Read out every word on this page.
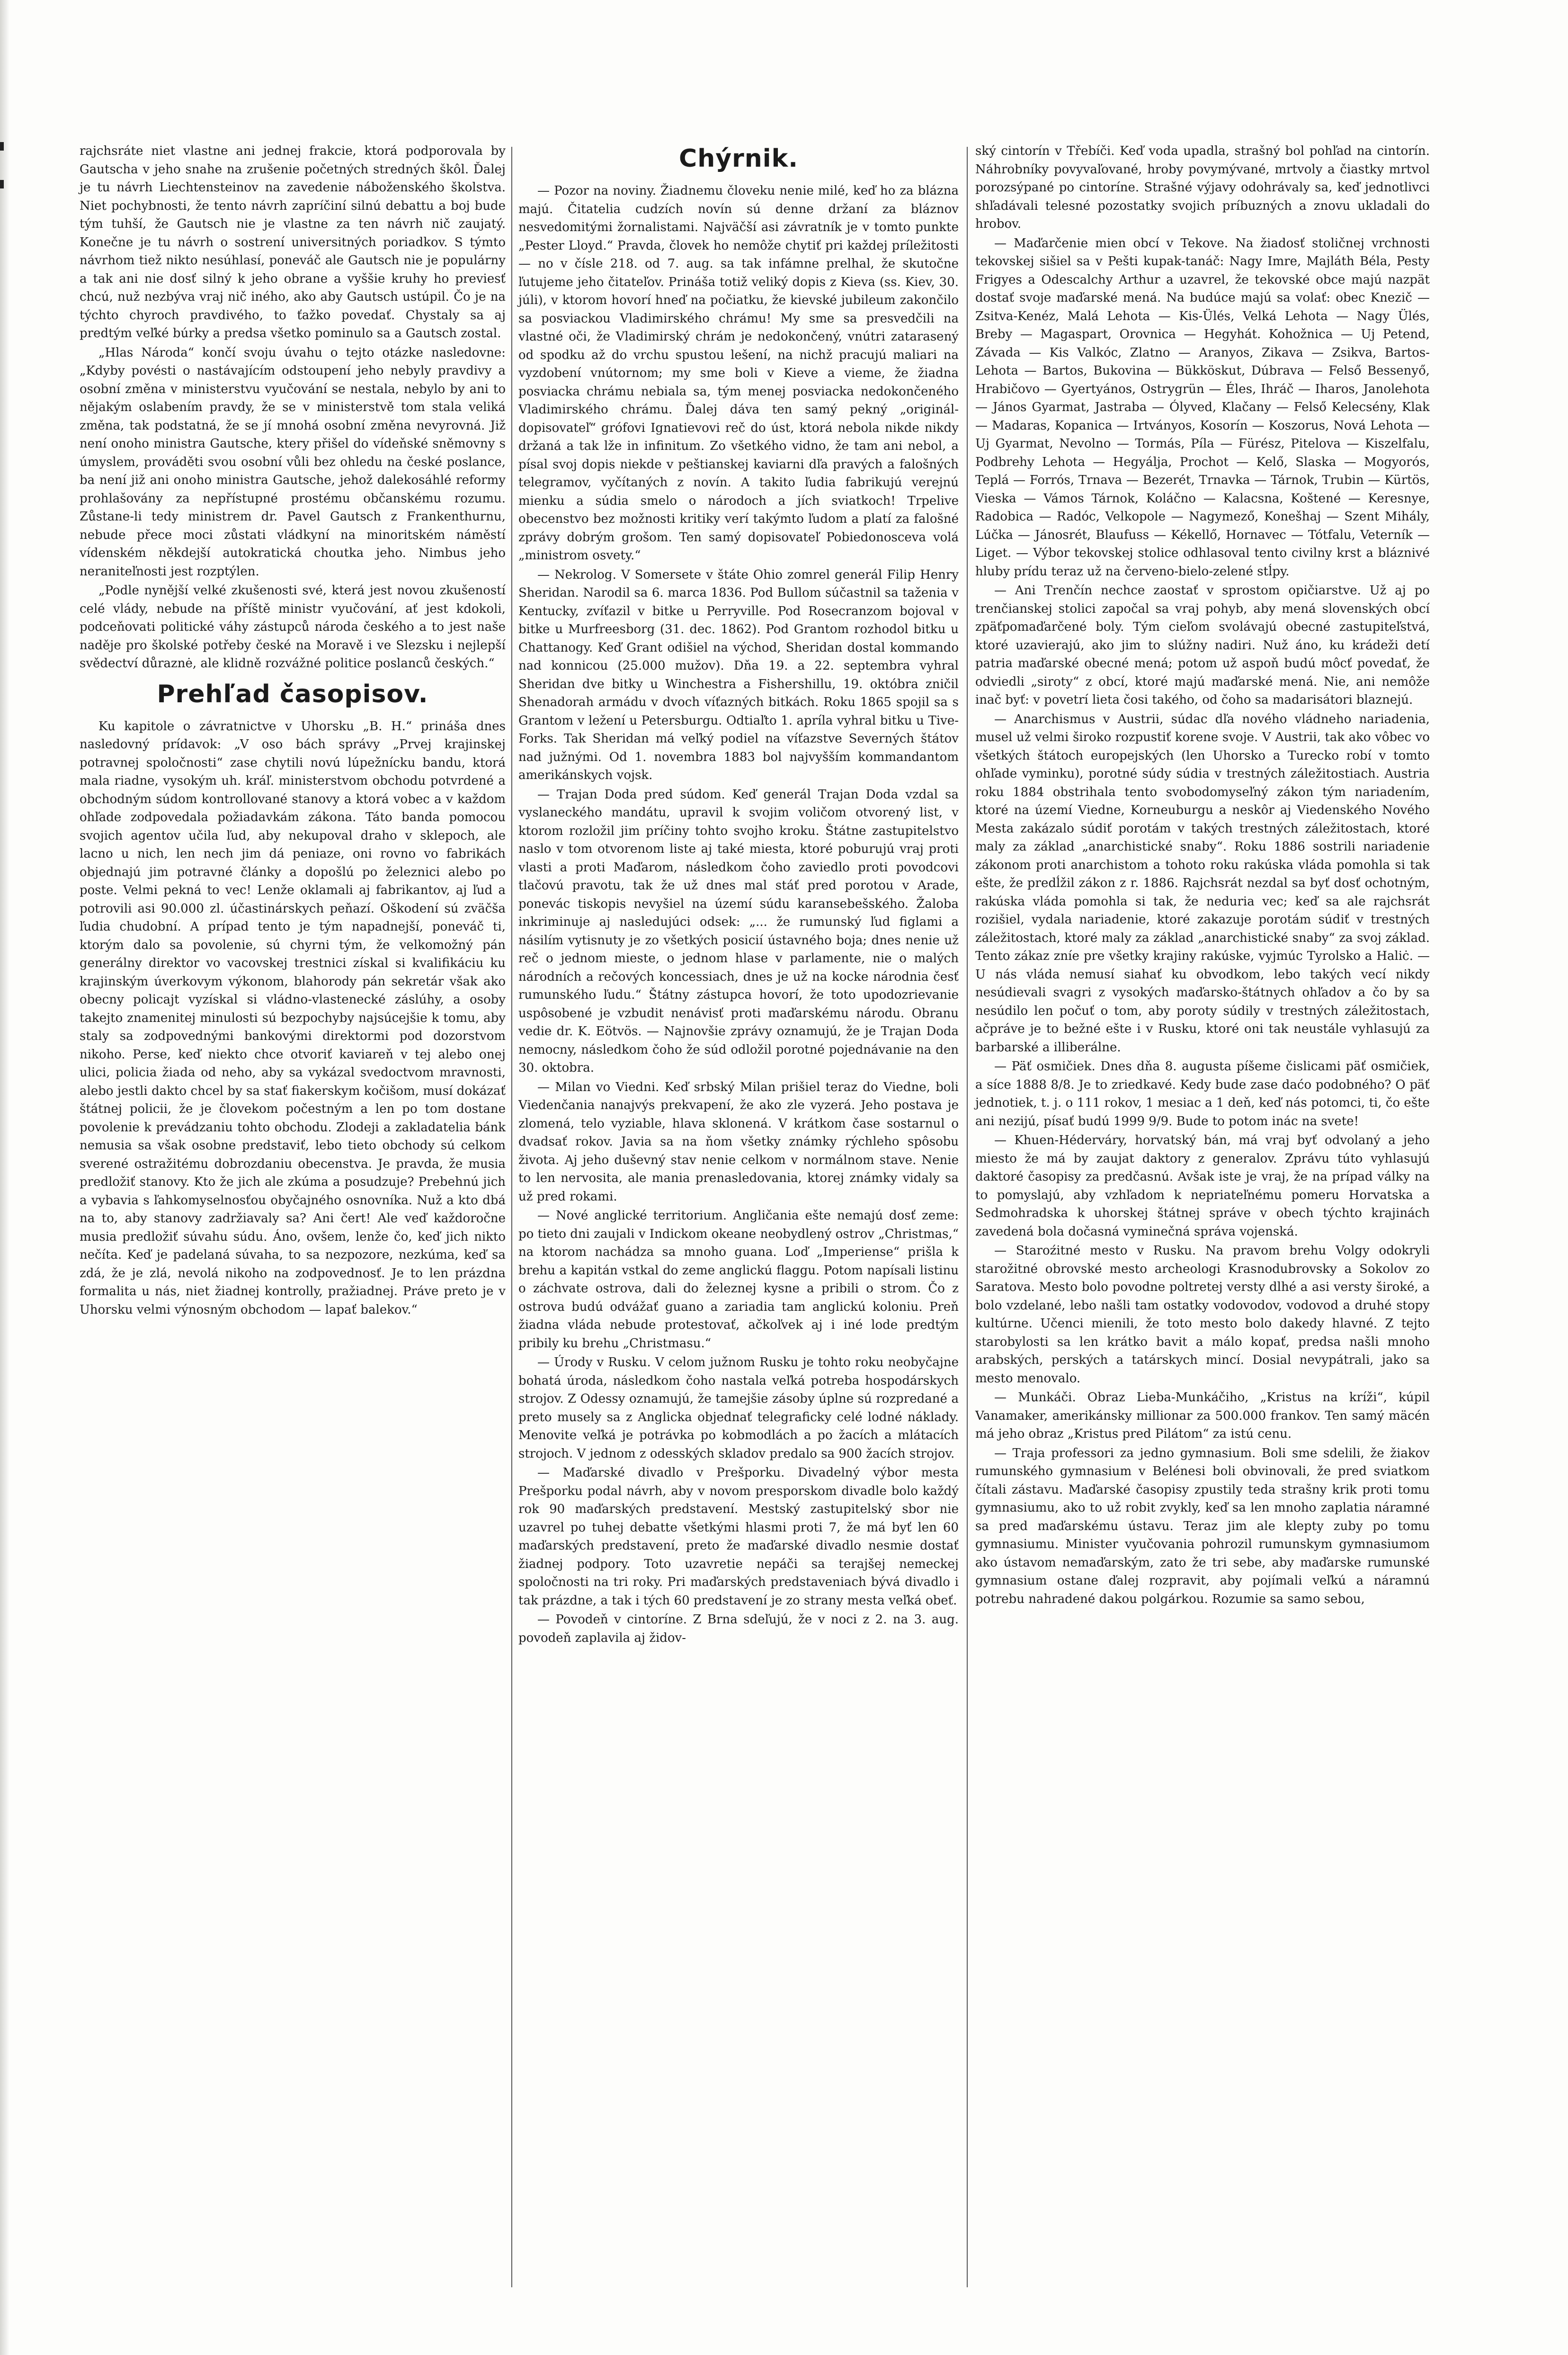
rajchsráte niet vlastne ani jednej frakcie, ktorá podporovala by Gautscha v jeho snahe na zrušenie početných stredných škôl. Ďalej je tu návrh Liechtensteinov na zavedenie náboženského školstva. Niet pochybnosti, že tento návrh zapríčiní silnú debattu a boj bude tým tuhší, že Gautsch nie je vlastne za ten návrh nič zaujatý. Konečne je tu návrh o sostrení universitných poriadkov. S týmto návrhom tiež nikto nesúhlasí, poneváč ale Gautsch nie je populárny a tak ani nie dosť silný k jeho obrane a vyššie kruhy ho previesť chcú, nuž nezbýva vraj nič iného, ako aby Gautsch ustúpil. Čo je na týchto chyroch pravdivého, to ťažko povedať. Chystaly sa aj predtým veľké búrky a predsa všetko pominulo sa a Gautsch zostal.

„Hlas Národa“ končí svoju úvahu o tejto otázke nasledovne: „Kdyby povésti o nastávajícím odstoupení jeho nebyly pravdivy a osobní změna v ministerstvu vyučování se nestala, nebylo by ani to nějakým oslabením pravdy, že se v ministerstvě tom stala veliká změna, tak podstatná, že se jí mnohá osobní změna nevyrovná. Již není onoho ministra Gautsche, ktery přišel do vídeňské sněmovny s úmyslem, prováděti svou osobní vůli bez ohledu na české poslance, ba není již ani onoho ministra Gautsche, jehož dalekosáhlé reformy prohlašovány za nepřístupné prostému občanskému rozumu. Zůstane-li tedy ministrem dr. Pavel Gautsch z Frankenthurnu, nebude přece moci zůstati vládkyní na minoritském náměstí vídenském někdejší autokratická choutka jeho. Nimbus jeho neraniteľnosti jest rozptýlen.

„Podle nynější velké zkušenosti své, která jest novou zkušeností celé vlády, nebude na příště ministr vyučování, ať jest kdokoli, podceňovati politické váhy zástupců národa českého a to jest naše naděje pro školské potřeby české na Moravě i ve Slezsku i nejlepší svědectví důraznė, ale klidně rozvážné politice poslanců českých.“

Prehľad časopisov.

Ku kapitole o závratnictve v Uhorsku „B. H.“ prináša dnes nasledovný prídavok: „V oso bách správy „Prvej krajinskej potravnej spoločnosti“ zase chytili novú lúpežnícku bandu, ktorá mala riadne, vysokým uh. kráľ. ministerstvom obchodu potvrdené a obchodným súdom kontrollované stanovy a ktorá vobec a v každom ohľade zodpovedala požiadavkám zákona. Táto banda pomocou svojich agentov učila ľud, aby nekupoval draho v skleроch, ale lacno u nich, len nech jim dá peniaze, oni rovno vo fabrikách objednajú jim potravné články a dopošlú po železnici alebo po poste. Velmi pekná to vec! Lenže oklamali aj fabrikantov, aj ľud a potrovili asi 90.000 zl. účastinárskych peňazí. Oškodení sú zväčša ľudia chudobní. A prípad tento je tým napadnejší, poneváč ti, ktorým dalo sa povolenie, sú chyrni tým, že velkomožný pán generálny direktor vo vacovskej trestnici získal si kvalifikáciu ku krajinským úverkovym výkonom, blahorody pán sekretár však ako obecny policajt vyzískal si vládno-vlastenecké záslúhy, a osoby takejto znamenitej minulosti sú bezpochyby najsúcejšie k tomu, aby staly sa zodpovednými bankovými direktormi pod dozorstvom nikoho. Perse, keď niekto chce otvoriť kaviareň v tej alebo onej ulici, policia žiada od neho, aby sa vykázal svedoctvom mravnosti, alebo jestli dakto chcel by sa stať fiakerskym kočišom, musí dokázať štátnej policii, že je človekom počestným a len po tom dostane povolenie k prevádzaniu tohto obchodu. Zlodeji a zakladatelia bánk nemusia sa však osobne predstaviť, lebo tieto obchody sú celkom sverené ostražitému dobrozdaniu obecenstva. Je pravda, že musia predložiť stanovy. Kto že jich ale zkúma a posudzuje? Prebehnú jich a vybavia s ľahkomyselnosťou obyčajného osnovníka. Nuž a kto dbá na to, aby stanovy zadržiavaly sa? Ani čert! Ale veď každoročne musia predložiť súvahu súdu. Áno, ovšem, lenže čo, keď jich nikto nečíta. Keď je padelaná súvaha, to sa nezpozore, nezkúma, keď sa zdá, že je zlá, nevolá nikoho na zodpovednosť. Je to len prázdna formalita u nás, niet žiadnej kontrolly, pražiadnej. Práve preto je v Uhorsku velmi výnosným obchodom — lapať balekov.“

Chýrnik.

— Pozor na noviny. Žiadnemu človeku nenie milé, keď ho za blázna majú. Čitatelia cudzích novín sú denne držaní za bláznov nesvedomitými žornalistami. Najväčší asi závratník je v tomto punkte „Pester Lloyd.“ Pravda, človek ho nemôže chytiť pri každej príležitosti — no v čísle 218. od 7. aug. sa tak infámne prelhal, že skutočne ľutujeme jeho čitateľov. Prináša totiž veliký dopis z Kieva (ss. Kiev, 30. júli), v ktorom hovorí hneď na počiatku, že kievské jubileum zakončilo sa posviackou Vladimirského chrámu! My sme sa presvedčili na vlastné oči, že Vladimirský chrám je nedokončený, vnútri zatarasený od spodku až do vrchu spustou lešení, na nichž pracujú maliari na vyzdobení vnútornom; my sme boli v Kieve a vieme, že žiadna posviacka chrámu nebiala sa, tým menej posviacka nedokončeného Vladimirského chrámu. Ďalej dáva ten samý pekný „originál-dopisovateľ“ grófovi Ignatievovi reč do úst, ktorá nebola nikde nikdy držaná a tak lže in infinitum. Zo všetkého vidno, že tam ani nebol, a písal svoj dopis niekde v peštianskej kaviarni dľa pravých a falošných telegramov, vyčítaných z novín. A takito ľudia fabrikujú verejnú mienku a súdia smelo o národoch a jích sviatkoch! Trpelive obecenstvo bez možnosti kritiky verí takýmto ľudom a platí za falošné zprávy dobrým grošom. Ten samý dopisovateľ Pobiedonosceva volá „ministrom osvety.“

— Nekrolog. V Somersete v štáte Ohio zomrel generál Filip Henry Sheridan. Narodil sa 6. marca 1836. Pod Bullom súčastnil sa taženia v Kentucky, zvíťazil v bitke u Perryville. Pod Rosecranzom bojoval v bitke u Murfreesborg (31. dec. 1862). Pod Grantom rozhodol bitku u Chattanogy. Keď Grant odišiel na východ, Sheridan dostal kommando nad konnicou (25.000 mužov). Dňa 19. a 22. septembra vyhral Sheridan dve bitky u Winchestra a Fishershillu, 19. októbra zničil Shenadorah armádu v dvoch víťazných bitkách. Roku 1865 spojil sa s Grantom v ležení u Petersburgu. Odtiaľto 1. apríla vyhral bitku u Tive-Forks. Tak Sheridan má veľký podiel na víťazstve Severných štátov nad južnými. Od 1. novembra 1883 bol najvyšším kommandantom amerikánskych vojsk.

— Trajan Doda pred súdom. Keď generál Trajan Doda vzdal sa vyslaneckého mandátu, upravil k svojim voličom otvorený list, v ktorom rozložil jim príčiny tohto svojho kroku. Štátne zastupitelstvo naslo v tom otvorenom liste aj také miesta, ktoré poburujú vraj proti vlasti a proti Maďarom, následkom čoho zaviedlo proti povodcovi tlačovú pravotu, tak že už dnes mal stáť pred porotou v Arade, ponevác tiskopis nevyšiel na území súdu karansebešského. Žaloba inkriminuje aj nasledujúci odsek: „... že rumunský ľud figlami a násilím vytisnuty je zo všetkých posicií ústavného boja; dnes nenie už reč o jednom mieste, o jednom hlase v parlamente, nie o malých národních a rečových koncessiach, dnes je už na kocke národnia česť rumunského ľudu.“ Štátny zástupca hovorí, že toto upodozrievanie uspôsobené je vzbudit nenávisť proti maďarskému národu. Obranu vedie dr. K. Eötvös. — Najnovšie zprávy oznamujú, že je Trajan Doda nemocny, následkom čoho že súd odložil porotné pojednávanie na den 30. oktobra.

— Milan vo Viedni. Keď srbský Milan prišiel teraz do Viedne, boli Viedenčania nanajvýs prekvapení, že ako zle vyzerá. Jeho postava je zlomená, telo vyziable, hlava sklonená. V krátkom čase sostarnul o dvadsať rokov. Javia sa na ňom všetky známky rýchleho spôsobu života. Aj jeho duševný stav nenie celkom v normálnom stave. Nenie to len nervosita, ale mania prenasledovania, ktorej známky vidaly sa už pred rokami.

— Nové anglické territorium. Angličania ešte nemajú dosť zeme: po tieto dni zaujali v Indickom okeane neobydlený ostrov „Christmas,“ na ktorom nachádza sa mnoho guana. Loď „Imperiense“ prišla k brehu a kapitán vstkal do zeme anglickú flaggu. Potom napísali listinu o záchvate ostrova, dali do železnej kysne a pribili o strom. Čo z ostrova budú odvážať guano a zariadia tam anglickú koloniu. Preň žiadna vláda nebude protestovať, ačkoľvek aj i iné lode predtým pribily ku brehu „Christmasu.“

— Úrody v Rusku. V celom južnom Rusku je tohto roku neobyčajne bohatá úroda, následkom čoho nastala veľká potreba hospodárskych strojov. Z Odessy oznamujú, že tamejšie zásoby úplne sú rozpredané a preto musely sa z Anglicka objednať telegraficky celé lodné náklady. Menovite veľká je potrávka po kobmodlách a po žacích a mlátacích strojoch. V jednom z odesských skladov predalo sa 900 žacích strojov.

— Maďarské divadlo v Prešporku. Divadelný výbor mesta Prešporku podal návrh, aby v novom presporskom divadle bolo každý rok 90 maďarských predstavení. Mestský zastupitelský sbor nie uzavrel po tuhej debatte všetkými hlasmi proti 7, že má byť len 60 maďarských predstavení, preto že maďarské divadlo nesmie dostať žiadnej podpory. Toto uzavretie nepáči sa terajšej nemeckej spoločnosti na tri roky. Pri maďarských predstaveniach bývá divadlo i tak prázdne, a tak i tých 60 predstavení je zo strany mesta veľká obeť.

— Povodeň v cintoríne. Z Brna sdeľujú, že v noci z 2. na 3. aug. povodeň zaplavila aj židov-

ský cintorín v Třebíči. Keď voda upadla, strašný bol pohľad na cintorín. Náhrobníky povyvaľované, hroby povymývané, mrtvoly a čiastky mrtvol porozsýpané po cintoríne. Strašné výjavy odohrávaly sa, keď jednotlivci shľadávali telesné pozostatky svojich príbuzných a znovu ukladali do hrobov.

— Maďarčenie mien obcí v Tekove. Na žiadosť stoličnej vrchnosti tekovskej sišiel sa v Pešti kupak-tanáč: Nagy Imre, Majláth Béla, Pesty Frigyes a Odescalchy Arthur a uzavrel, že tekovské obce majú nazpät dostať svoje maďarské mená. Na budúce majú sa volať: obec Knezič — Zsitva-Kenéz, Malá Lehota — Kis-Ülés, Velká Lehota — Nagy Ülés, Breby — Magaspart, Orovnica — Hegyhát. Kohožnica — Uj Petend, Závada — Kis Valkóc, Zlatno — Aranyos, Zikava — Zsikva, Bartos-Lehota — Bartos, Bukovina — Bükköskut, Dúbrava — Felső Bessenyő, Hrabičovo — Gyertyános, Ostrygrün — Éles, Ihráč — Iharos, Janolehota — János Gyarmat, Jastraba — Ólyved, Klačany — Felső Kelecsény, Klak — Madaras, Kopanica — Irtványos, Kosorín — Koszorus, Nová Lehota — Uj Gyarmat, Nevolno — Tormás, Píla — Fürész, Pitelova — Kiszelfalu, Podbrehy Lehota — Hegyálja, Prochot — Kelő, Slaska — Mogyorós, Teplá — Forrós, Trnava — Bezerét, Trnavka — Tárnok, Trubin — Kürtös, Vieska — Vámos Tárnok, Koláčno — Kalacsna, Koštené — Keresnye, Radobica — Radóc, Velkopole — Nagymező, Konešhaj — Szent Mihály, Lúčka — Jánosrét, Blaufuss — Kékellő, Hornavec — Tótfalu, Veterník — Liget. — Výbor tekovskej stolice odhlasoval tento civilny krst a bláznivé hluby prídu teraz už na červeno-bielo-zelené stĺpy.

— Ani Trenčín nechce zaostať v sprostom opičiarstve. Už aj po trenčianskej stolici započal sa vraj pohyb, aby mená slovenských obcí zpäťpomaďarčené boly. Tým cieľom svolávajú obecné zastupiteľstvá, ktoré uzavierajú, ako jim to slúžny nadiri. Nuž áno, ku krádeži detí patria maďarské obecné mená; potom už aspoň budú môcť povedať, že odviedli „siroty“ z obcí, ktoré majú maďarské mená. Nie, ani nemôže inač byť: v povetrí lieta čosi takého, od čoho sa madarisátori blaznejú.

— Anarchismus v Austrii, súdac dľa nového vládneho nariadenia, musel už velmi široko rozpustiť korene svoje. V Austrii, tak ako vôbec vo všetkých štátoch europejských (len Uhorsko a Turecko robí v tomto ohľade vyminku), porotné súdy súdia v trestných záležitostiach. Austria roku 1884 obstrihala tento svobodomyseľný zákon tým nariadením, ktoré na území Viedne, Korneuburgu a neskôr aj Viedenského Nového Mesta zakázalo súdiť porotám v takých trestných záležitostach, ktoré maly za základ „anarchistické snaby“. Roku 1886 sostrili nariadenie zákonom proti anarchistom a tohoto roku rakúska vláda pomohla si tak ešte, že predĺžil zákon z r. 1886. Rajchsrát nezdal sa byť dosť ochotným, rakúska vláda pomohla si tak, že neduria vec; keď sa ale rajchsrát rozišiel, vydala nariadenie, ktoré zakazuje porotám súdiť v trestných záležitostach, ktoré maly za základ „anarchistické snaby“ za svoj základ. Tento zákaz zníe pre všetky krajiny rakúske, vyjmúc Tyrolsko a Haliċ. — U nás vláda nemusí siahať ku obvodkom, lebo takých vecí nikdy nesúdievali svagri z vysokých maďarsko-štátnych ohľadov a čo by sa nesúdilo len počuť o tom, aby poroty súdily v trestných záležitostach, ačprávе je to bežné ešte i v Rusku, ktoré oni tak neustále vyhlasujú za barbarské a illiberálne.

— Päť osmičiek. Dnes dňa 8. augusta píšeme čislicami päť osmičiek, a síce 1888 8/8. Je to zriedkavé. Kedy bude zase daćo podobného? O päť jednotiek, t. j. o 111 rokov, 1 mesiac a 1 deň, keď nás potomci, ti, čo ešte ani nezijú, písať budú 1999 9/9. Bude to potom inác na svete!

— Khuen-Héderváry, horvatský bán, má vraj byť odvolaný a jeho miesto že má by zaujat daktory z generalov. Zprávu túto vyhlasujú daktoré časopisy za predčasnú. Avšak iste je vraj, že na prípad války na to pomyslajú, aby vzhľadom k nepriateľnému pomeru Horvatska a Sedmohradska k uhorskej štátnej správe v obech týchto krajinách zavedená bola dočasná vyminečná správa vojenská.

— Staroźitné mesto v Rusku. Na pravom brehu Volgy odokryli starožitné obrovské mesto archeologi Krasnodubrovsky a Sokolov zo Saratova. Mesto bolo povodne poltretej versty dlhé a asi versty široké, a bolo vzdelané, lebo našli tam ostatky vodovodov, vodovod a druhé stopy kultúrne. Učenci mienili, že toto mesto bolo dakedy hlavné. Z tejto starobylosti sa len krátko bavit a málo kopať, predsa našli mnoho arabských, perských a tatárskych mincí. Dosial nevypátrali, jako sa mesto menovalo.

— Munkáči. Obraz Lieba-Munkáčiho, „Kristus na kríži“, kúpil Vanamaker, amerikánsky millionar za 500.000 frankov. Ten samý mäcén má jeho obraz „Kristus pred Pilátom“ za istú cenu.

— Traja professori za jedno gymnasium. Boli sme sdelili, že žiakov rumunského gymnasium v Belénesi boli obvinovali, že pred sviatkom čítali zástavu. Maďarské časopisy zpustily teda strašny krik proti tomu gymnasiumu, ako to už robit zvykly, keď sa len mnoho zaplatia náramné sa pred maďarskému ústavu. Teraz jim ale klepty zuby po tomu gymnasiumu. Minister vyučovania pohrozil rumunskym gymnasiumom ako ústavom nemaďarským, zato že tri sebe, aby maďarske rumunské gymnasium ostane ďalej rozpravit, aby pojímali veľkú a náramnú potrebu nahradené dakou polgárkou. Rozumie sa samo sebou,
